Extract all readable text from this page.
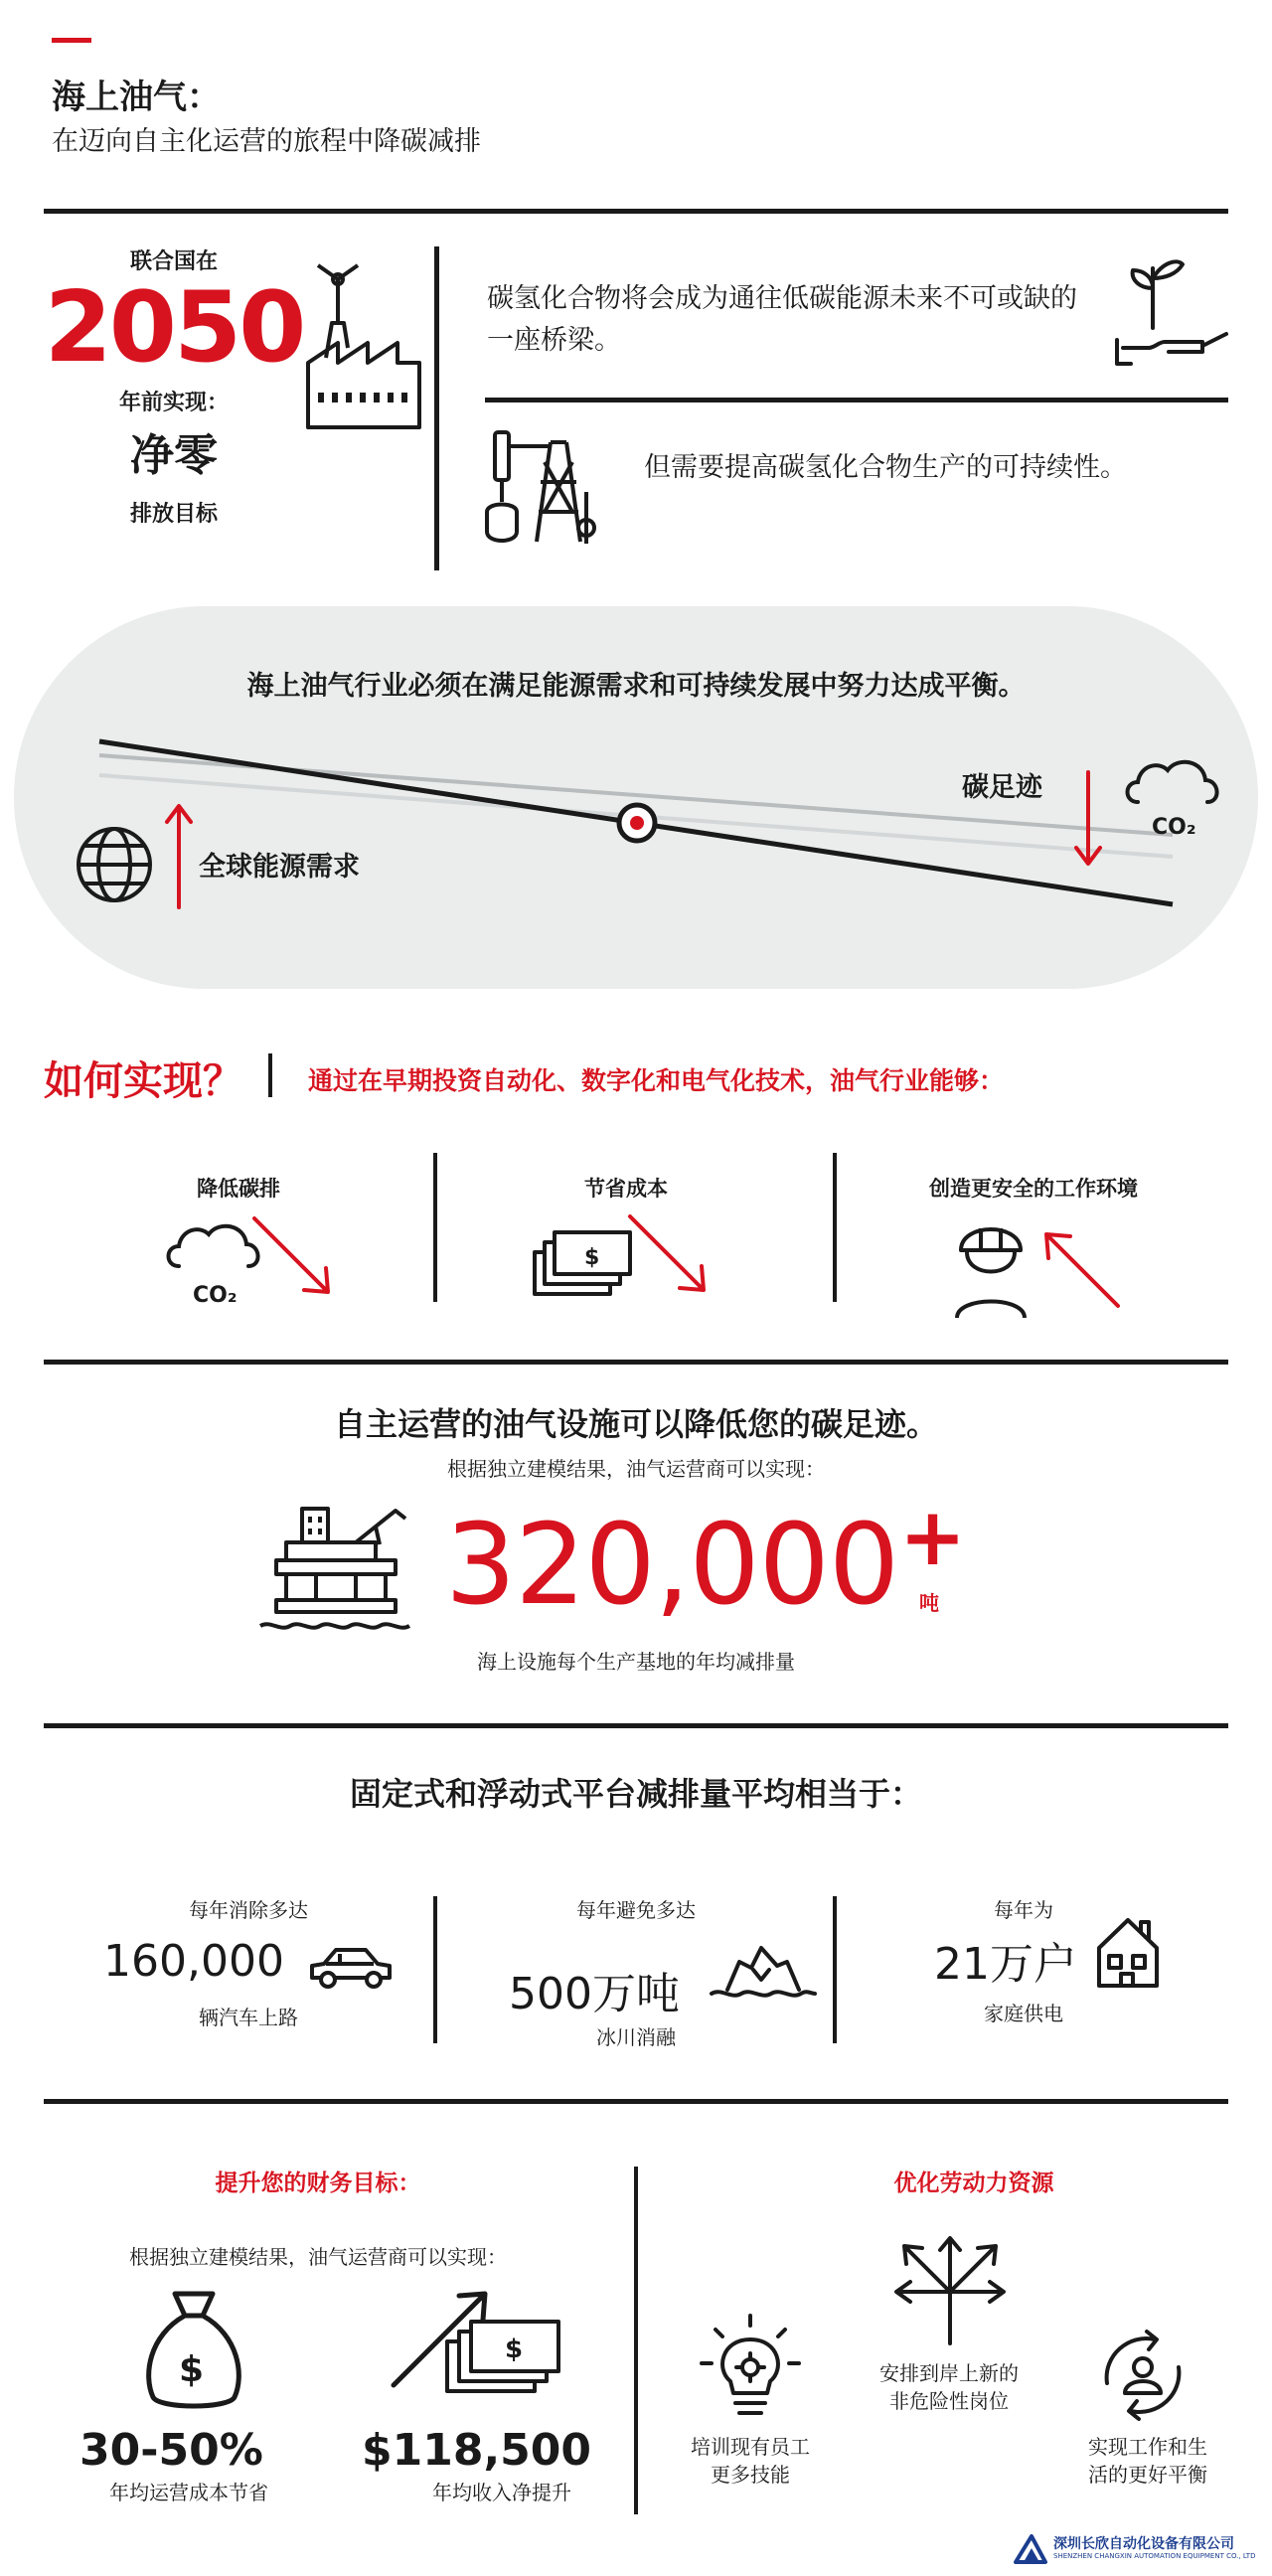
海上油气：
在迈向自主化运营的旅程中降碳减排
联合国在
2050
年前实现：
净零
排放目标
碳氢化合物将会成为通往低碳能源未来不可或缺的一座桥梁。
但需要提高碳氢化合物生产的可持续性。
海上油气行业必须在满足能源需求和可持续发展中努力达成平衡。
碳足迹
CO₂
全球能源需求
如何实现？	通过在早期投资自动化、数字化和电气化技术，油气行业能够：
降低碳排
CO₂
节省成本
$
创造更安全的工作环境
自主运营的油气设施可以降低您的碳足迹。
根据独立建模结果，油气运营商可以实现：
320,000 +
吨
海上设施每个生产基地的年均减排量
固定式和浮动式平台减排量平均相当于：
每年消除多达
160,000
辆汽车上路
每年避免多达
500万吨
冰川消融
每年为
21万户
家庭供电
提升您的财务目标：
根据独立建模结果，油气运营商可以实现：
$
30-50%
年均运营成本节省
$
$118,500
年均收入净提升
优化劳动力资源
培训现有员工
更多技能
安排到岸上新的
非危险性岗位
实现工作和生
活的更好平衡
深圳长欣自动化设备有限公司
SHENZHEN CHANGXIN AUTOMATION EQUIPMENT CO., LTD
